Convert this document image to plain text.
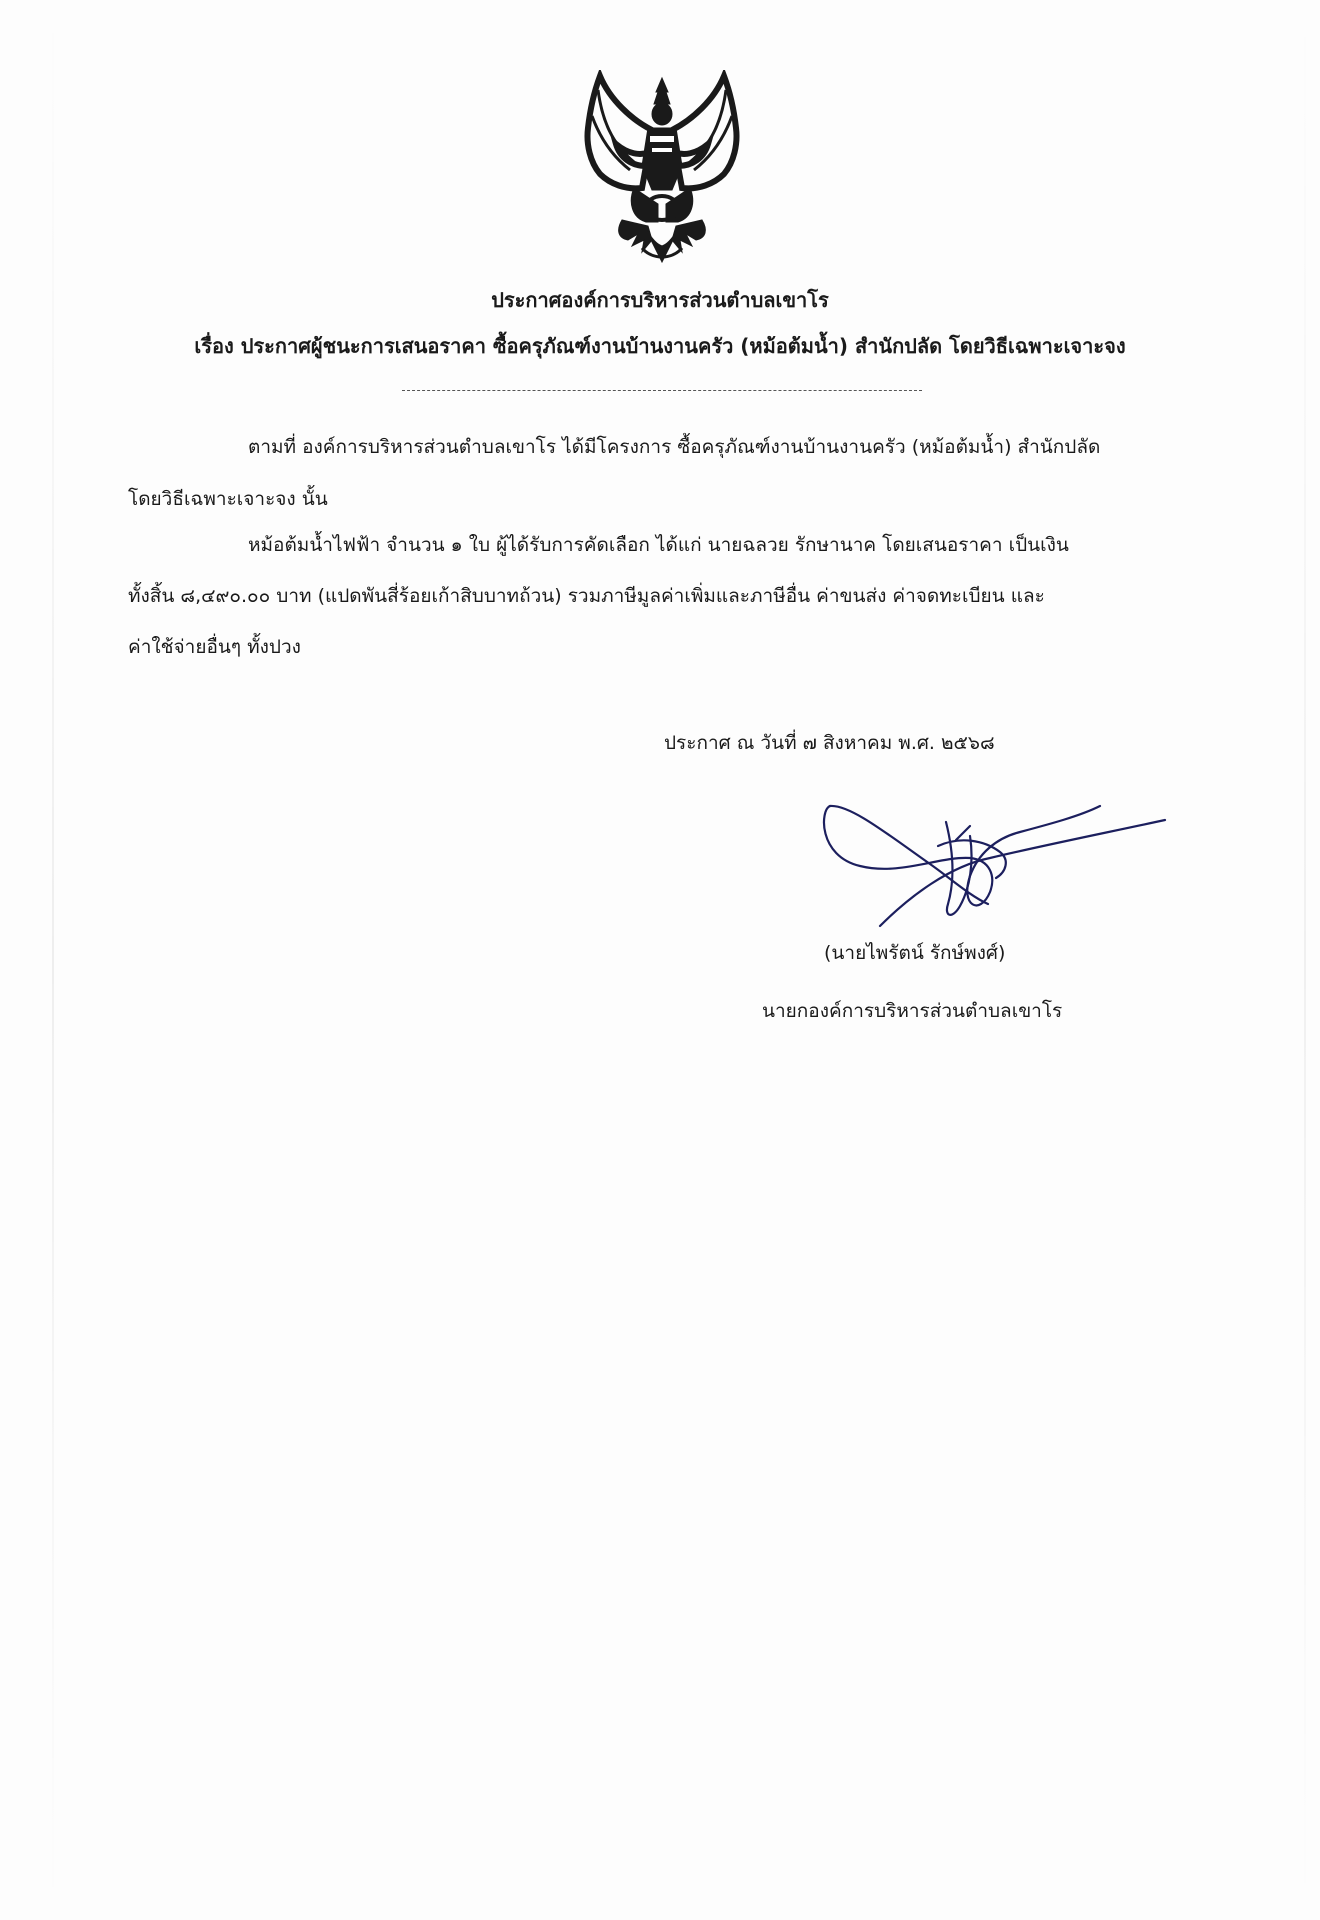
ประกาศองค์การบริหารส่วนตำบลเขาโร
เรื่อง ประกาศผู้ชนะการเสนอราคา ซื้อครุภัณฑ์งานบ้านงานครัว (หม้อต้มน้ำ) สำนักปลัด โดยวิธีเฉพาะเจาะจง
ตามที่ องค์การบริหารส่วนตำบลเขาโร ได้มีโครงการ ซื้อครุภัณฑ์งานบ้านงานครัว (หม้อต้มน้ำ) สำนักปลัด
โดยวิธีเฉพาะเจาะจง นั้น
หม้อต้มน้ำไฟฟ้า จำนวน ๑ ใบ ผู้ได้รับการคัดเลือก ได้แก่ นายฉลวย รักษานาค โดยเสนอราคา เป็นเงิน
ทั้งสิ้น ๘,๔๙๐.๐๐ บาท (แปดพันสี่ร้อยเก้าสิบบาทถ้วน) รวมภาษีมูลค่าเพิ่มและภาษีอื่น ค่าขนส่ง ค่าจดทะเบียน และ
ค่าใช้จ่ายอื่นๆ ทั้งปวง
ประกาศ ณ วันที่ ๗ สิงหาคม พ.ศ. ๒๕๖๘
(นายไพรัตน์ รักษ์พงศ์)
นายกองค์การบริหารส่วนตำบลเขาโร
